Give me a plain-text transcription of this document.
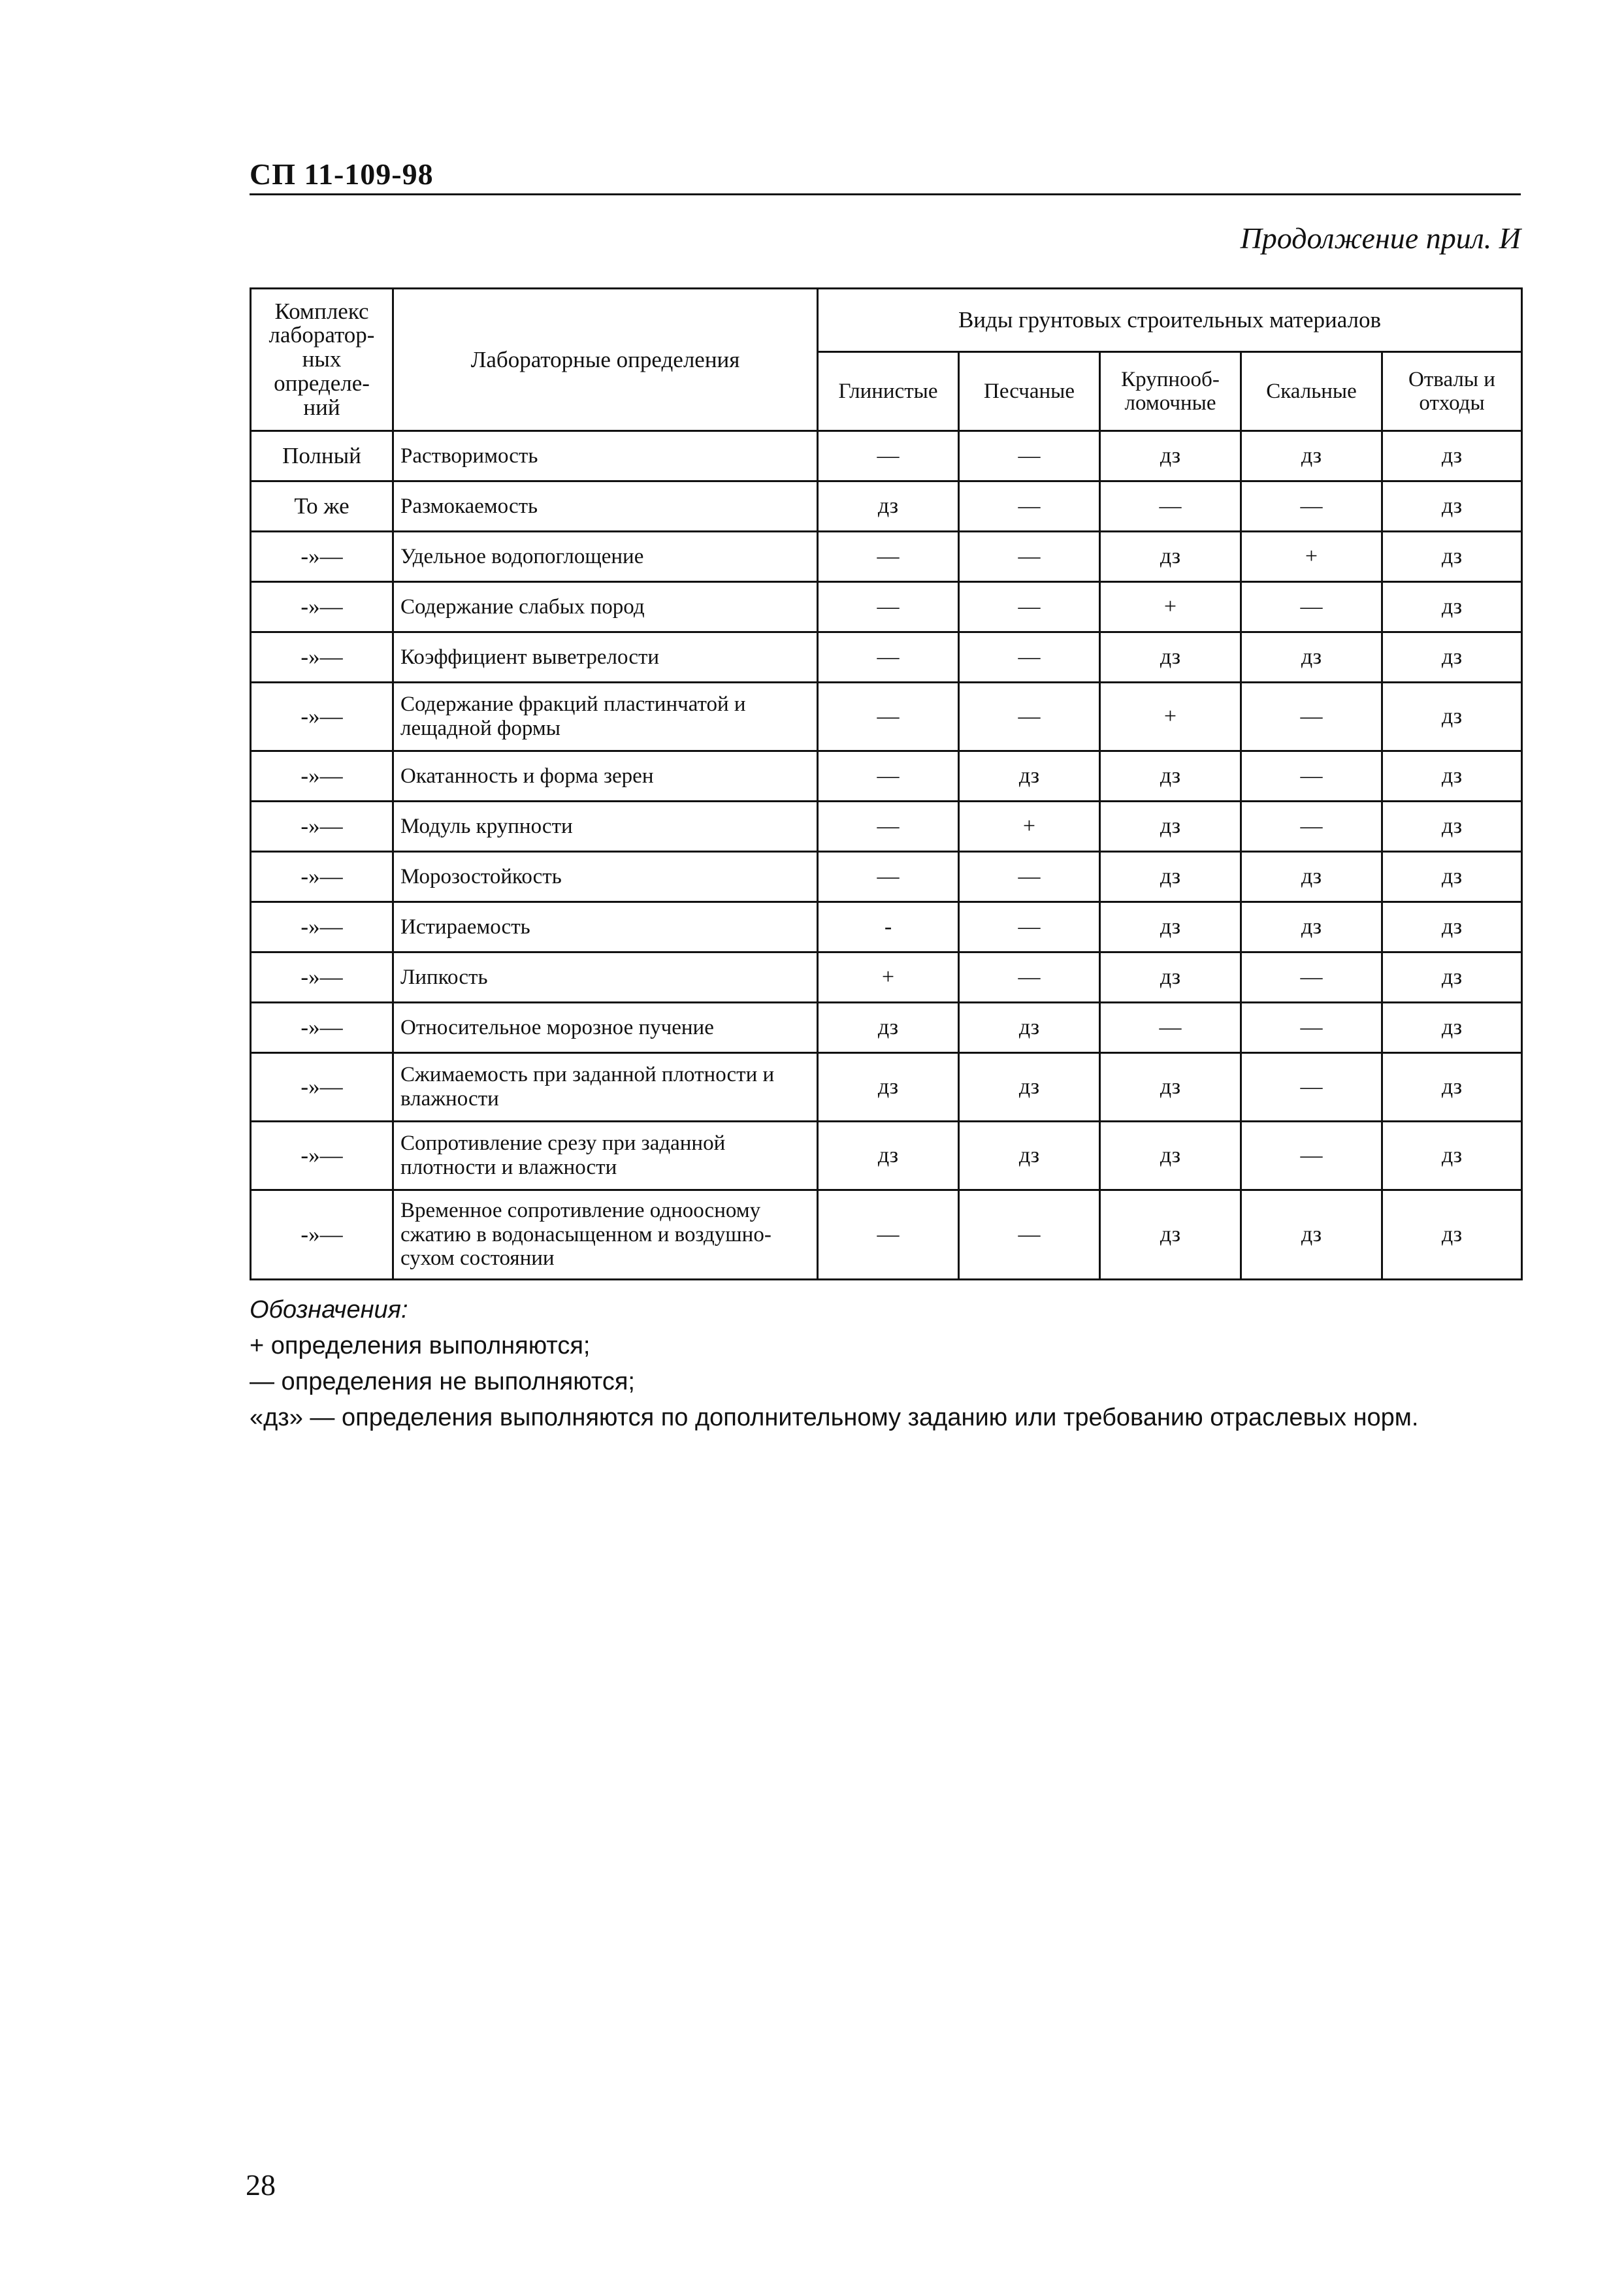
СП 11-109-98
Продолжение прил. И
Комплекс лаборатор- ных определе- ний	Лабораторные определения	Виды грунтовых строительных материалов				
		Глинистые	Песчаные	Крупнооб- ломочные	Скальные	Отвалы и отходы
Полный	Растворимость	—	—	дз	дз	дз
То же	Размокаемость	дз	—	—	—	дз
-»—	Удельное водопоглощение	—	—	дз	+	дз
-»—	Содержание слабых пород	—	—	+	—	дз
-»—	Коэффициент выветрелости	—	—	дз	дз	дз
-»—	Содержание фракций пластинчатой и лещадной формы	—	—	+	—	дз
-»—	Окатанность и форма зерен	—	дз	дз	—	дз
-»—	Модуль крупности	—	+	дз	—	дз
-»—	Морозостойкость	—	—	дз	дз	дз
-»—	Истираемость	-	—	дз	дз	дз
-»—	Липкость	+	—	дз	—	дз
-»—	Относительное морозное пучение	дз	дз	—	—	дз
-»—	Сжимаемость при заданной плотности и влажности	дз	дз	дз	—	дз
-»—	Сопротивление срезу при заданной плотности и влажности	дз	дз	дз	—	дз
-»—	Временное сопротивление одноосному сжатию в водонасыщенном и воздушно-сухом состоянии	—	—	дз	дз	дз
Обозначения:
+ определения выполняются;
— определения не выполняются;
«дз» — определения выполняются по дополнительному заданию или требованию отраслевых норм.
28
